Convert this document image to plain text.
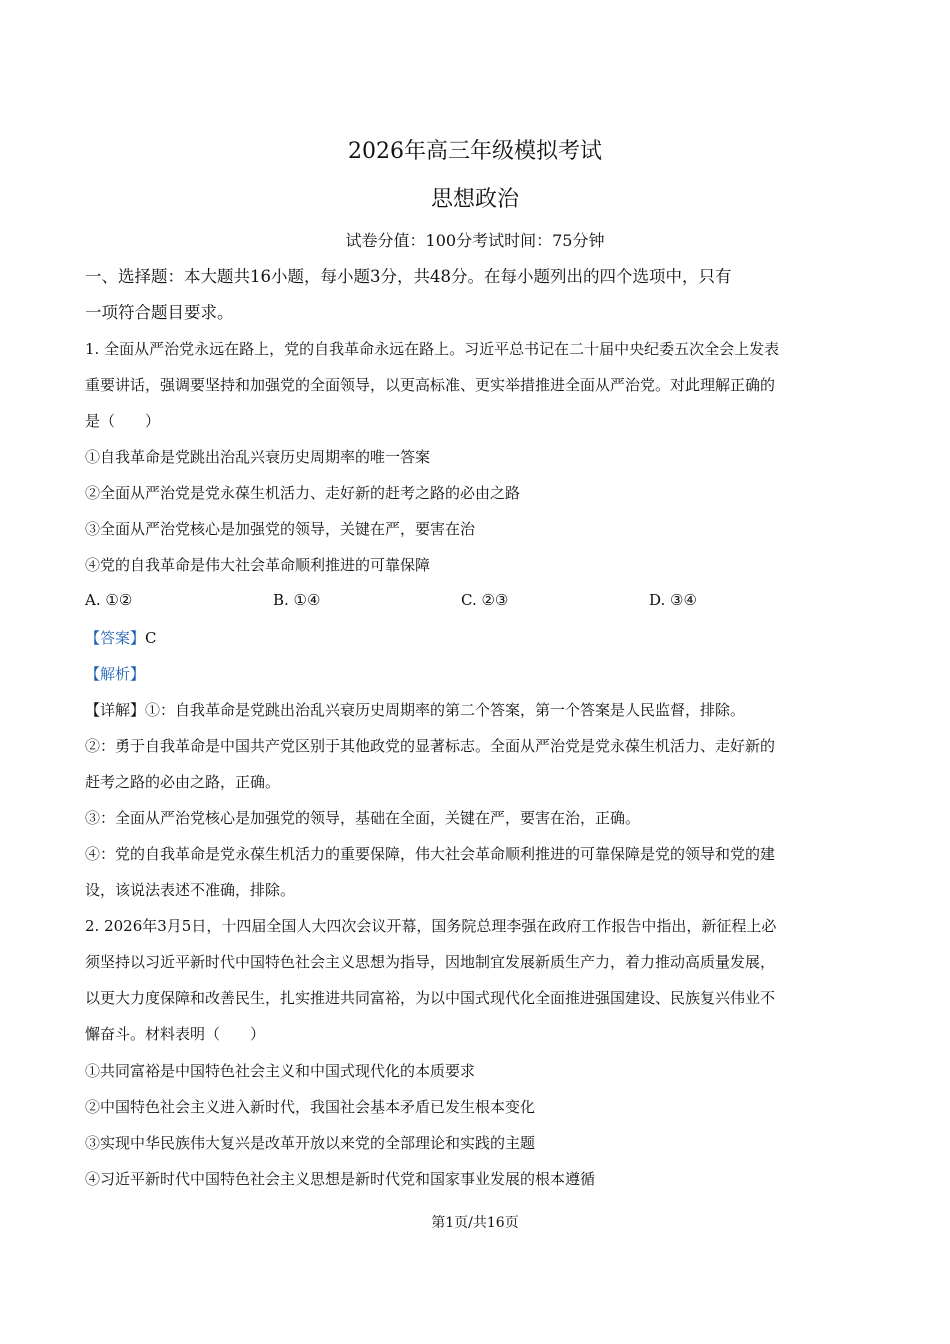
2026年高三年级模拟考试
思想政治
试卷分值：100分考试时间：75分钟
一、选择题：本大题共16小题，每小题3分，共48分。在每小题列出的四个选项中，只有
一项符合题目要求。
1. 全面从严治党永远在路上，党的自我革命永远在路上。习近平总书记在二十届中央纪委五次全会上发表
重要讲话，强调要坚持和加强党的全面领导，以更高标准、更实举措推进全面从严治党。对此理解正确的
是（　　）
①自我革命是党跳出治乱兴衰历史周期率的唯一答案
②全面从严治党是党永葆生机活力、走好新的赶考之路的必由之路
③全面从严治党核心是加强党的领导，关键在严，要害在治
④党的自我革命是伟大社会革命顺利推进的可靠保障
A. ①②	B. ①④	C. ②③	D. ③④
【答案】C
【解析】
【详解】①：自我革命是党跳出治乱兴衰历史周期率的第二个答案，第一个答案是人民监督，排除。
②：勇于自我革命是中国共产党区别于其他政党的显著标志。全面从严治党是党永葆生机活力、走好新的
赶考之路的必由之路，正确。
③：全面从严治党核心是加强党的领导，基础在全面，关键在严，要害在治，正确。
④：党的自我革命是党永葆生机活力的重要保障，伟大社会革命顺利推进的可靠保障是党的领导和党的建
设，该说法表述不准确，排除。
2. 2026年3月5日，十四届全国人大四次会议开幕，国务院总理李强在政府工作报告中指出，新征程上必
须坚持以习近平新时代中国特色社会主义思想为指导，因地制宜发展新质生产力，着力推动高质量发展，
以更大力度保障和改善民生，扎实推进共同富裕，为以中国式现代化全面推进强国建设、民族复兴伟业不
懈奋斗。材料表明（　　）
①共同富裕是中国特色社会主义和中国式现代化的本质要求
②中国特色社会主义进入新时代，我国社会基本矛盾已发生根本变化
③实现中华民族伟大复兴是改革开放以来党的全部理论和实践的主题
④习近平新时代中国特色社会主义思想是新时代党和国家事业发展的根本遵循
第1页/共16页
